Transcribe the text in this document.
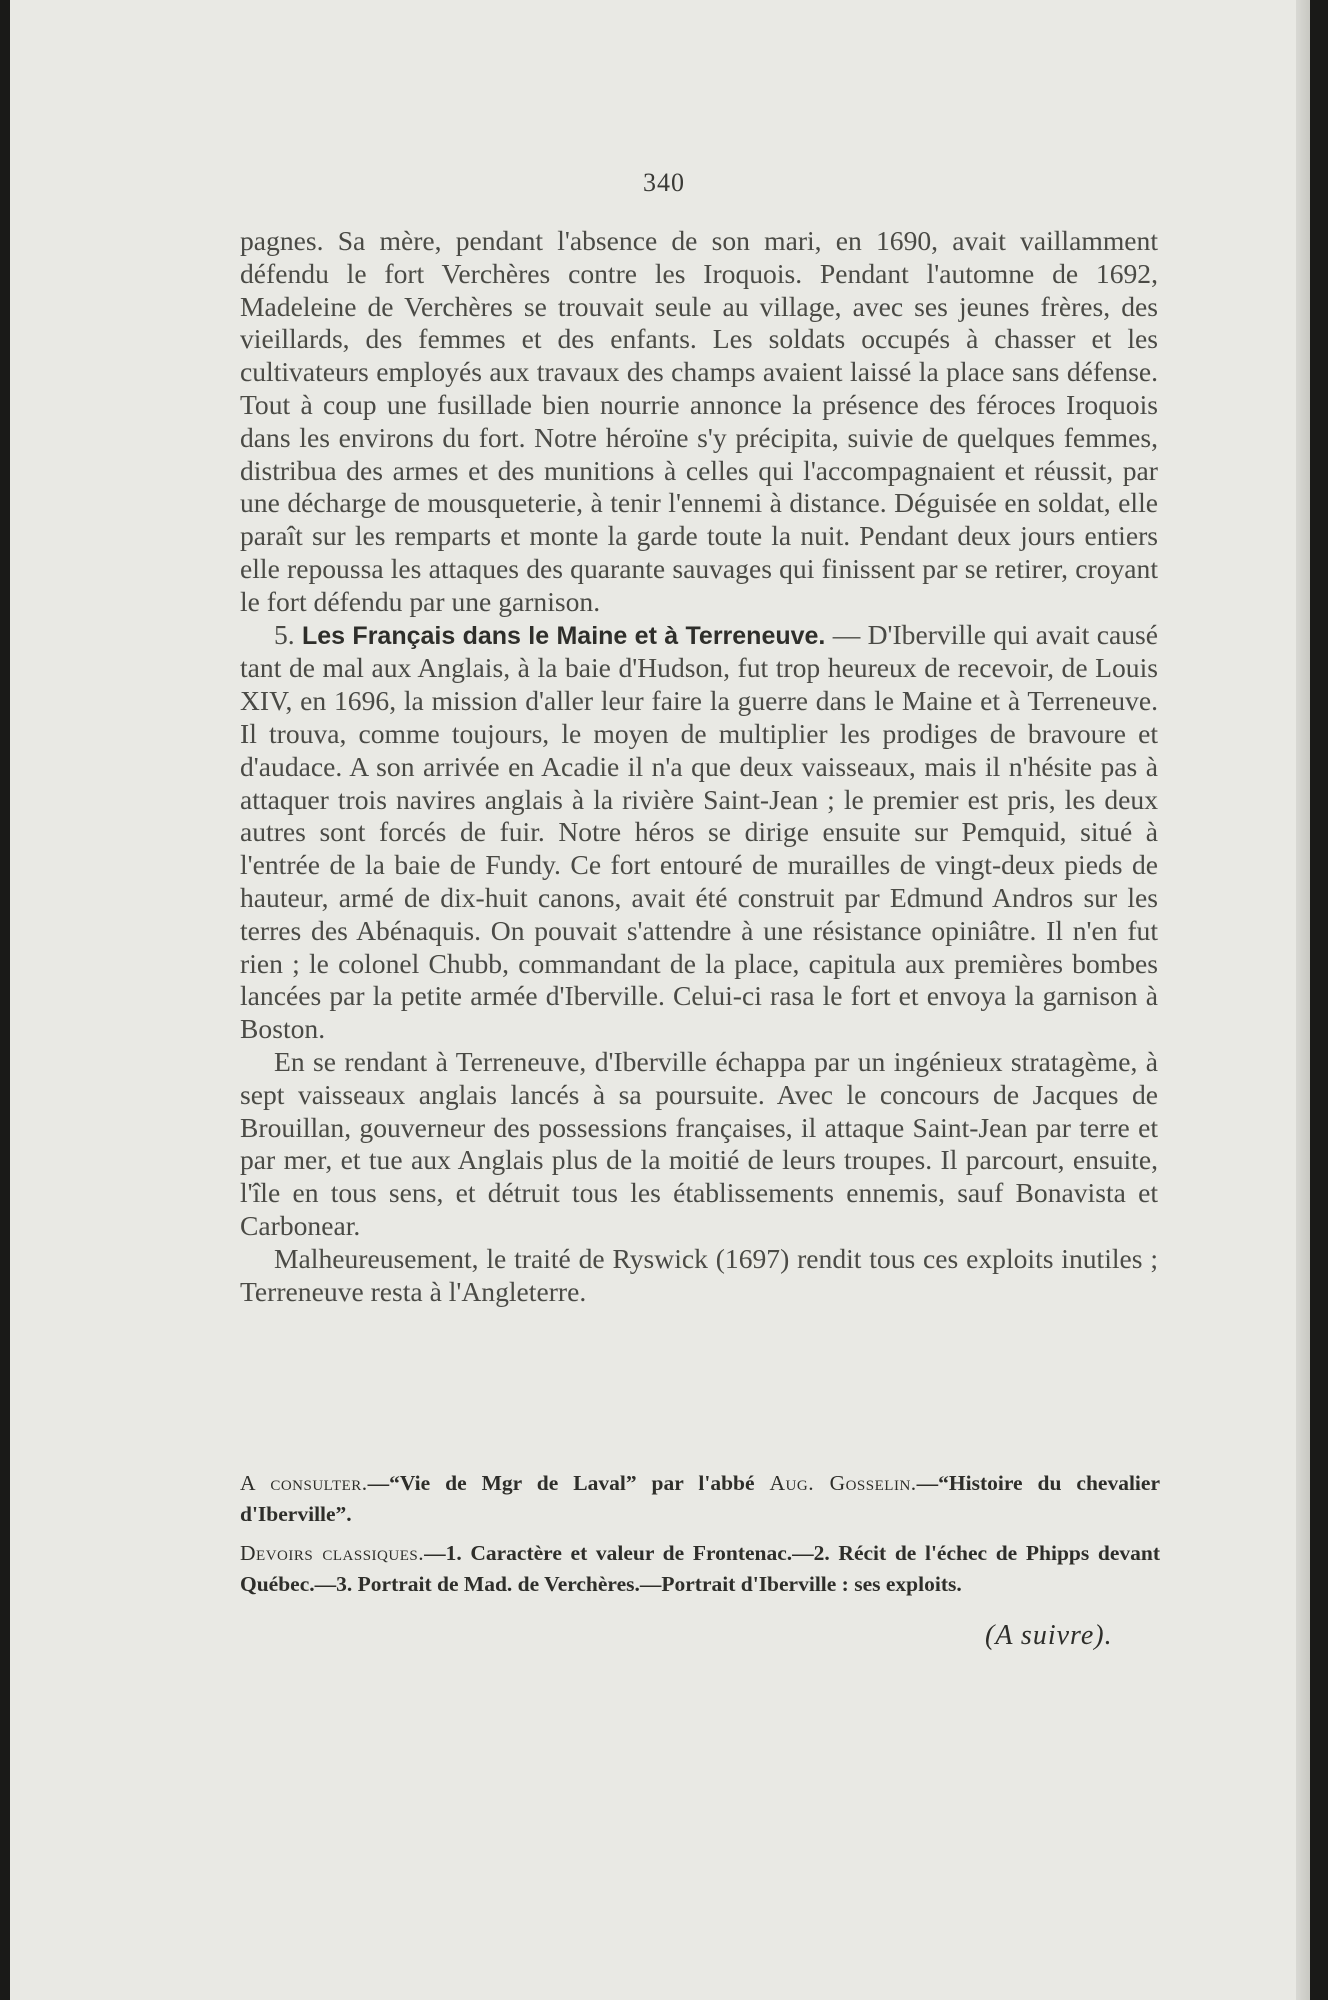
340

pagnes. Sa mère, pendant l'absence de son mari, en 1690, avait vaillamment défendu le fort Verchères contre les Iroquois. Pendant l'automne de 1692, Madeleine de Verchères se trouvait seule au village, avec ses jeunes frères, des vieillards, des femmes et des enfants. Les soldats occupés à chasser et les cultivateurs employés aux travaux des champs avaient laissé la place sans défense. Tout à coup une fusillade bien nourrie annonce la présence des féroces Iroquois dans les environs du fort. Notre héroïne s'y précipita, suivie de quelques femmes, distribua des armes et des munitions à celles qui l'accompagnaient et réussit, par une décharge de mousqueterie, à tenir l'ennemi à distance. Déguisée en soldat, elle paraît sur les remparts et monte la garde toute la nuit. Pendant deux jours entiers elle repoussa les attaques des quarante sauvages qui finissent par se retirer, croyant le fort défendu par une garnison.

5. Les Français dans le Maine et à Terreneuve. — D'Iberville qui avait causé tant de mal aux Anglais, à la baie d'Hudson, fut trop heureux de recevoir, de Louis XIV, en 1696, la mission d'aller leur faire la guerre dans le Maine et à Terreneuve. Il trouva, comme toujours, le moyen de multiplier les prodiges de bravoure et d'audace. A son arrivée en Acadie il n'a que deux vaisseaux, mais il n'hésite pas à attaquer trois navires anglais à la rivière Saint-Jean ; le premier est pris, les deux autres sont forcés de fuir. Notre héros se dirige ensuite sur Pemquid, situé à l'entrée de la baie de Fundy. Ce fort entouré de murailles de vingt-deux pieds de hauteur, armé de dix-huit canons, avait été construit par Edmund Andros sur les terres des Abénaquis. On pouvait s'attendre à une résistance opiniâtre. Il n'en fut rien ; le colonel Chubb, commandant de la place, capitula aux premières bombes lancées par la petite armée d'Iberville. Celui-ci rasa le fort et envoya la garnison à Boston.

En se rendant à Terreneuve, d'Iberville échappa par un ingénieux stratagème, à sept vaisseaux anglais lancés à sa poursuite. Avec le concours de Jacques de Brouillan, gouverneur des possessions françaises, il attaque Saint-Jean par terre et par mer, et tue aux Anglais plus de la moitié de leurs troupes. Il parcourt, ensuite, l'île en tous sens, et détruit tous les établissements ennemis, sauf Bonavista et Carbonear.

Malheureusement, le traité de Ryswick (1697) rendit tous ces exploits inutiles ; Terreneuve resta à l'Angleterre.

A consulter.—“Vie de Mgr de Laval” par l'abbé Aug. Gosselin.—“Histoire du chevalier d'Iberville”.

Devoirs classiques.—1. Caractère et valeur de Frontenac.—2. Récit de l'échec de Phipps devant Québec.—3. Portrait de Mad. de Verchères.—Portrait d'Iberville : ses exploits.

(A suivre).
